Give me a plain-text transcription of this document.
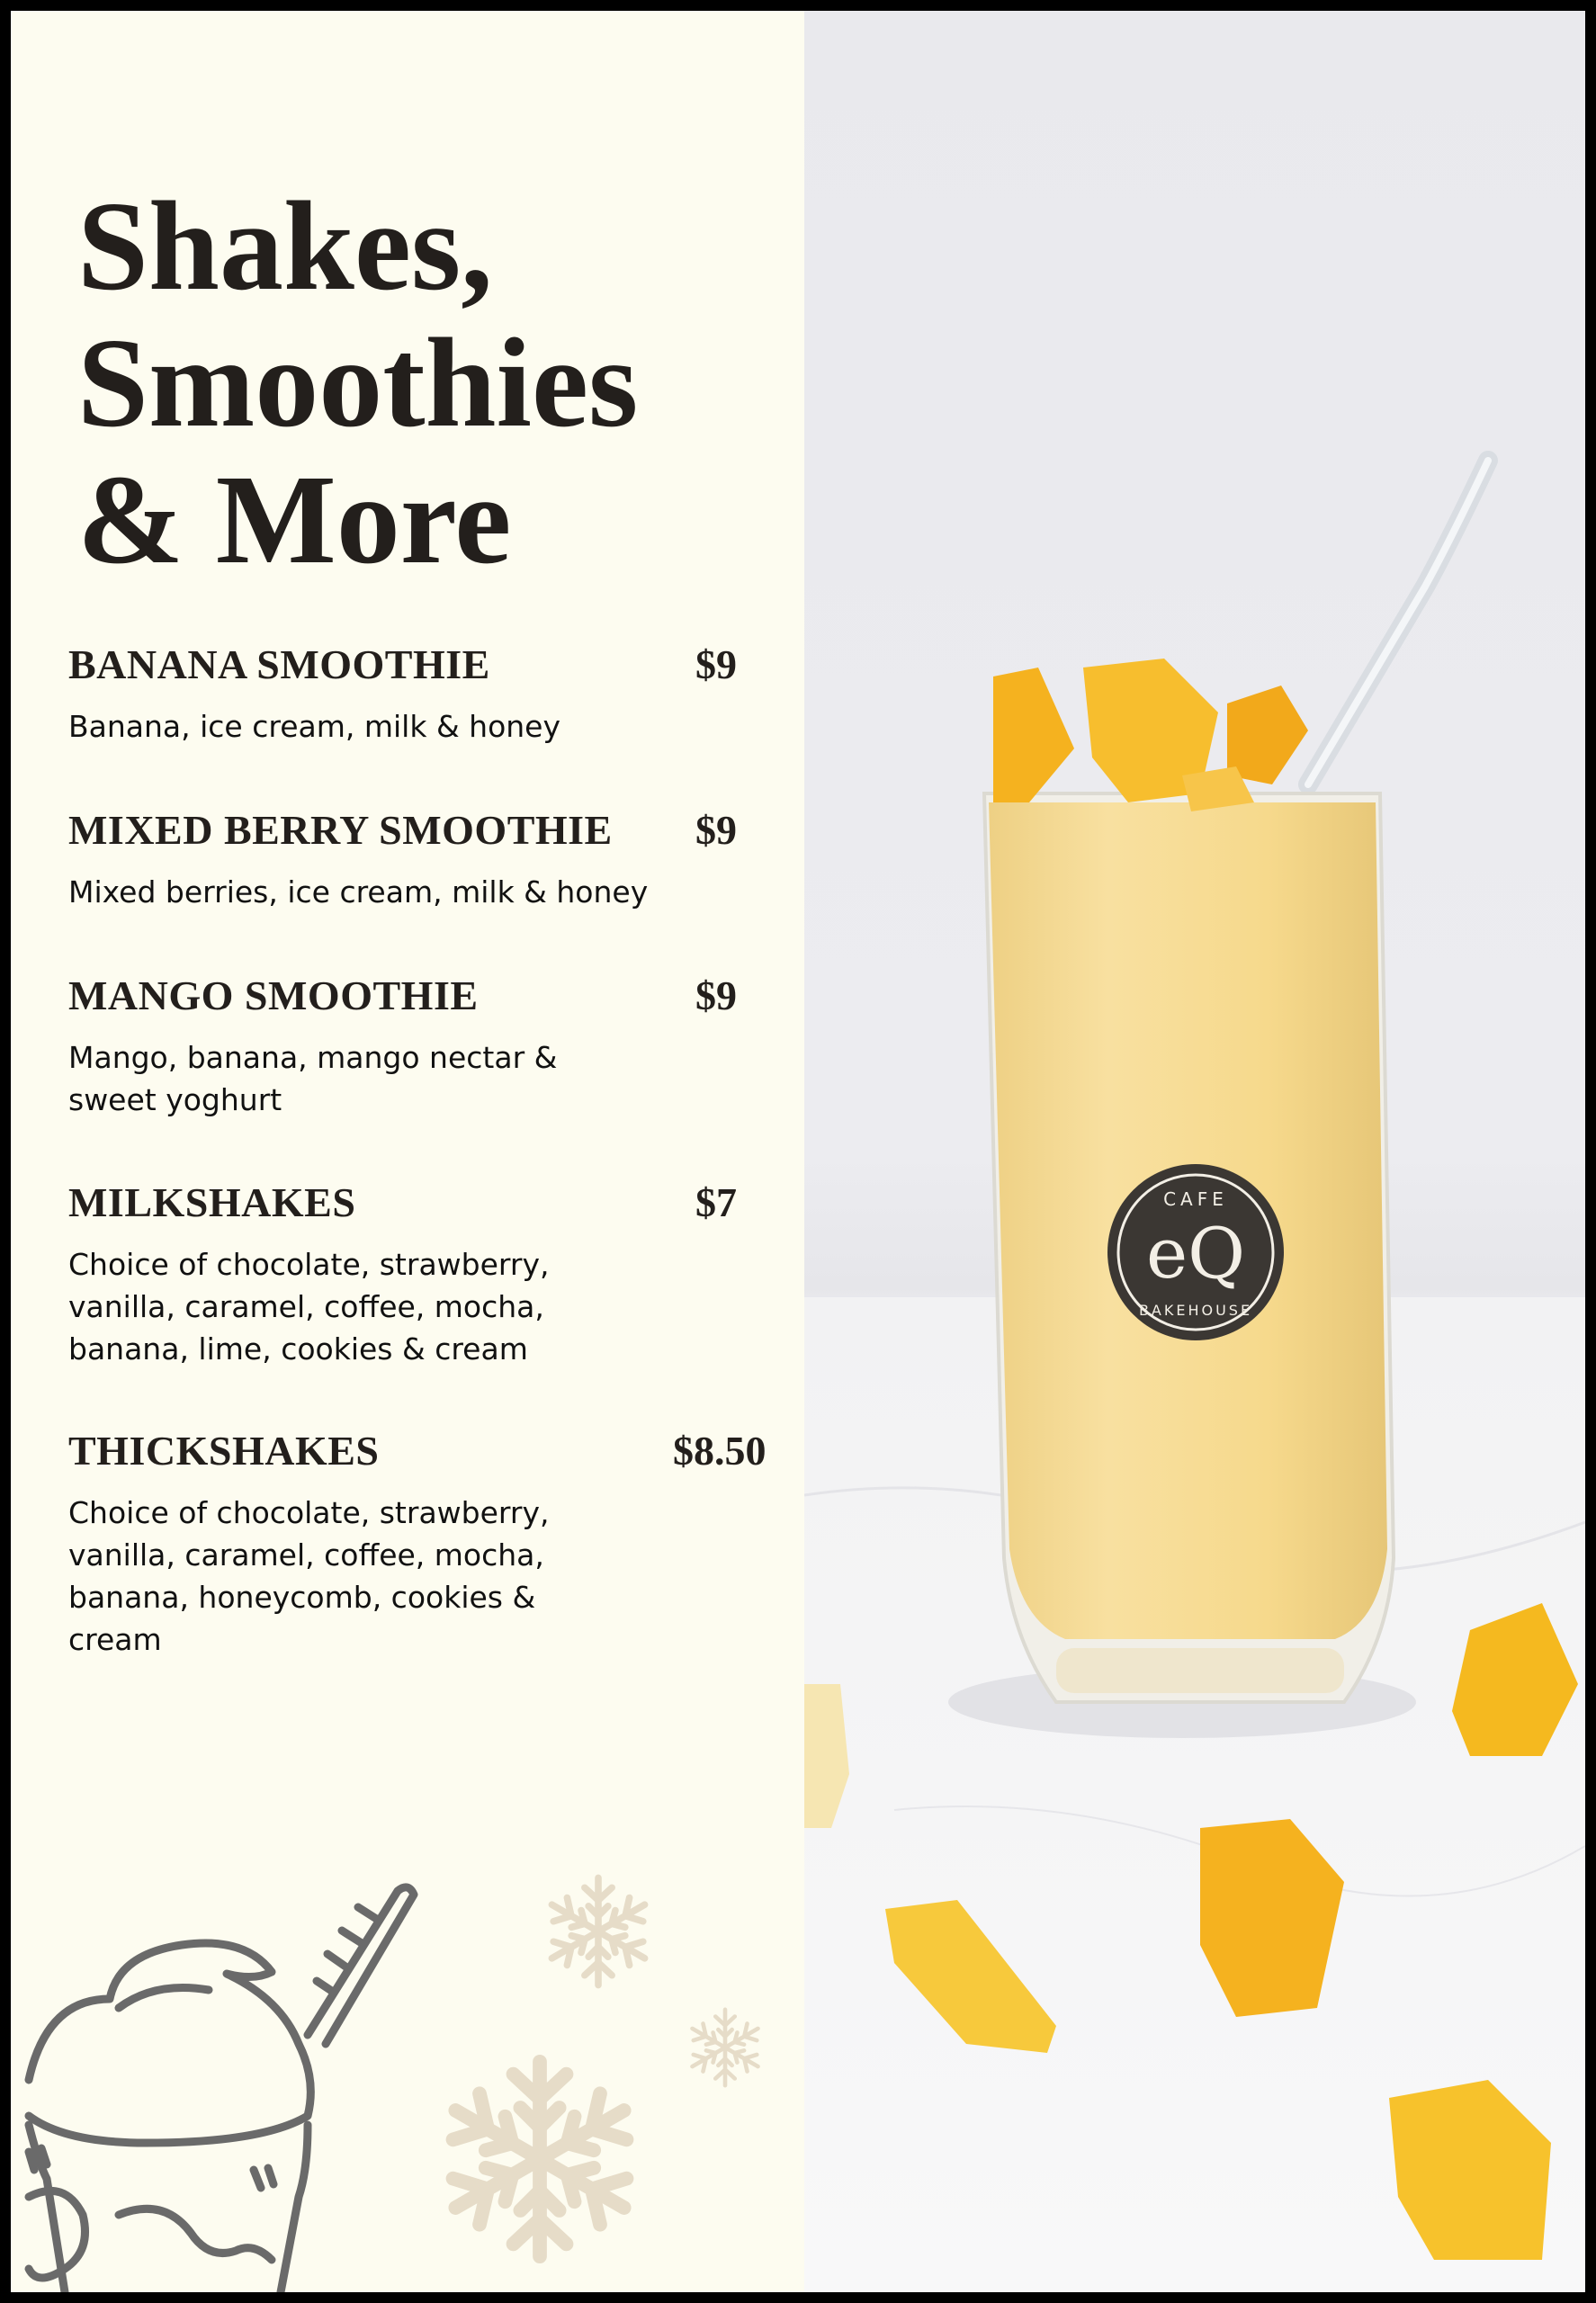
Shakes,
Smoothies
& More
BANANA SMOOTHIE	$9
Banana, ice cream, milk & honey
MIXED BERRY SMOOTHIE $9
Mixed berries, ice cream, milk & honey
MANGO SMOOTHIE	$9
Mango, banana, mango nectar & sweet yoghurt
MILKSHAKES	$7
Choice of chocolate, strawberry, vanilla, caramel, coffee, mocha, banana, lime, cookies & cream
THICKSHAKES	$8.50
Choice of chocolate, strawberry, vanilla, caramel, coffee, mocha, banana, honeycomb, cookies & cream
CAFE
eQ
BAKEHOUSE
